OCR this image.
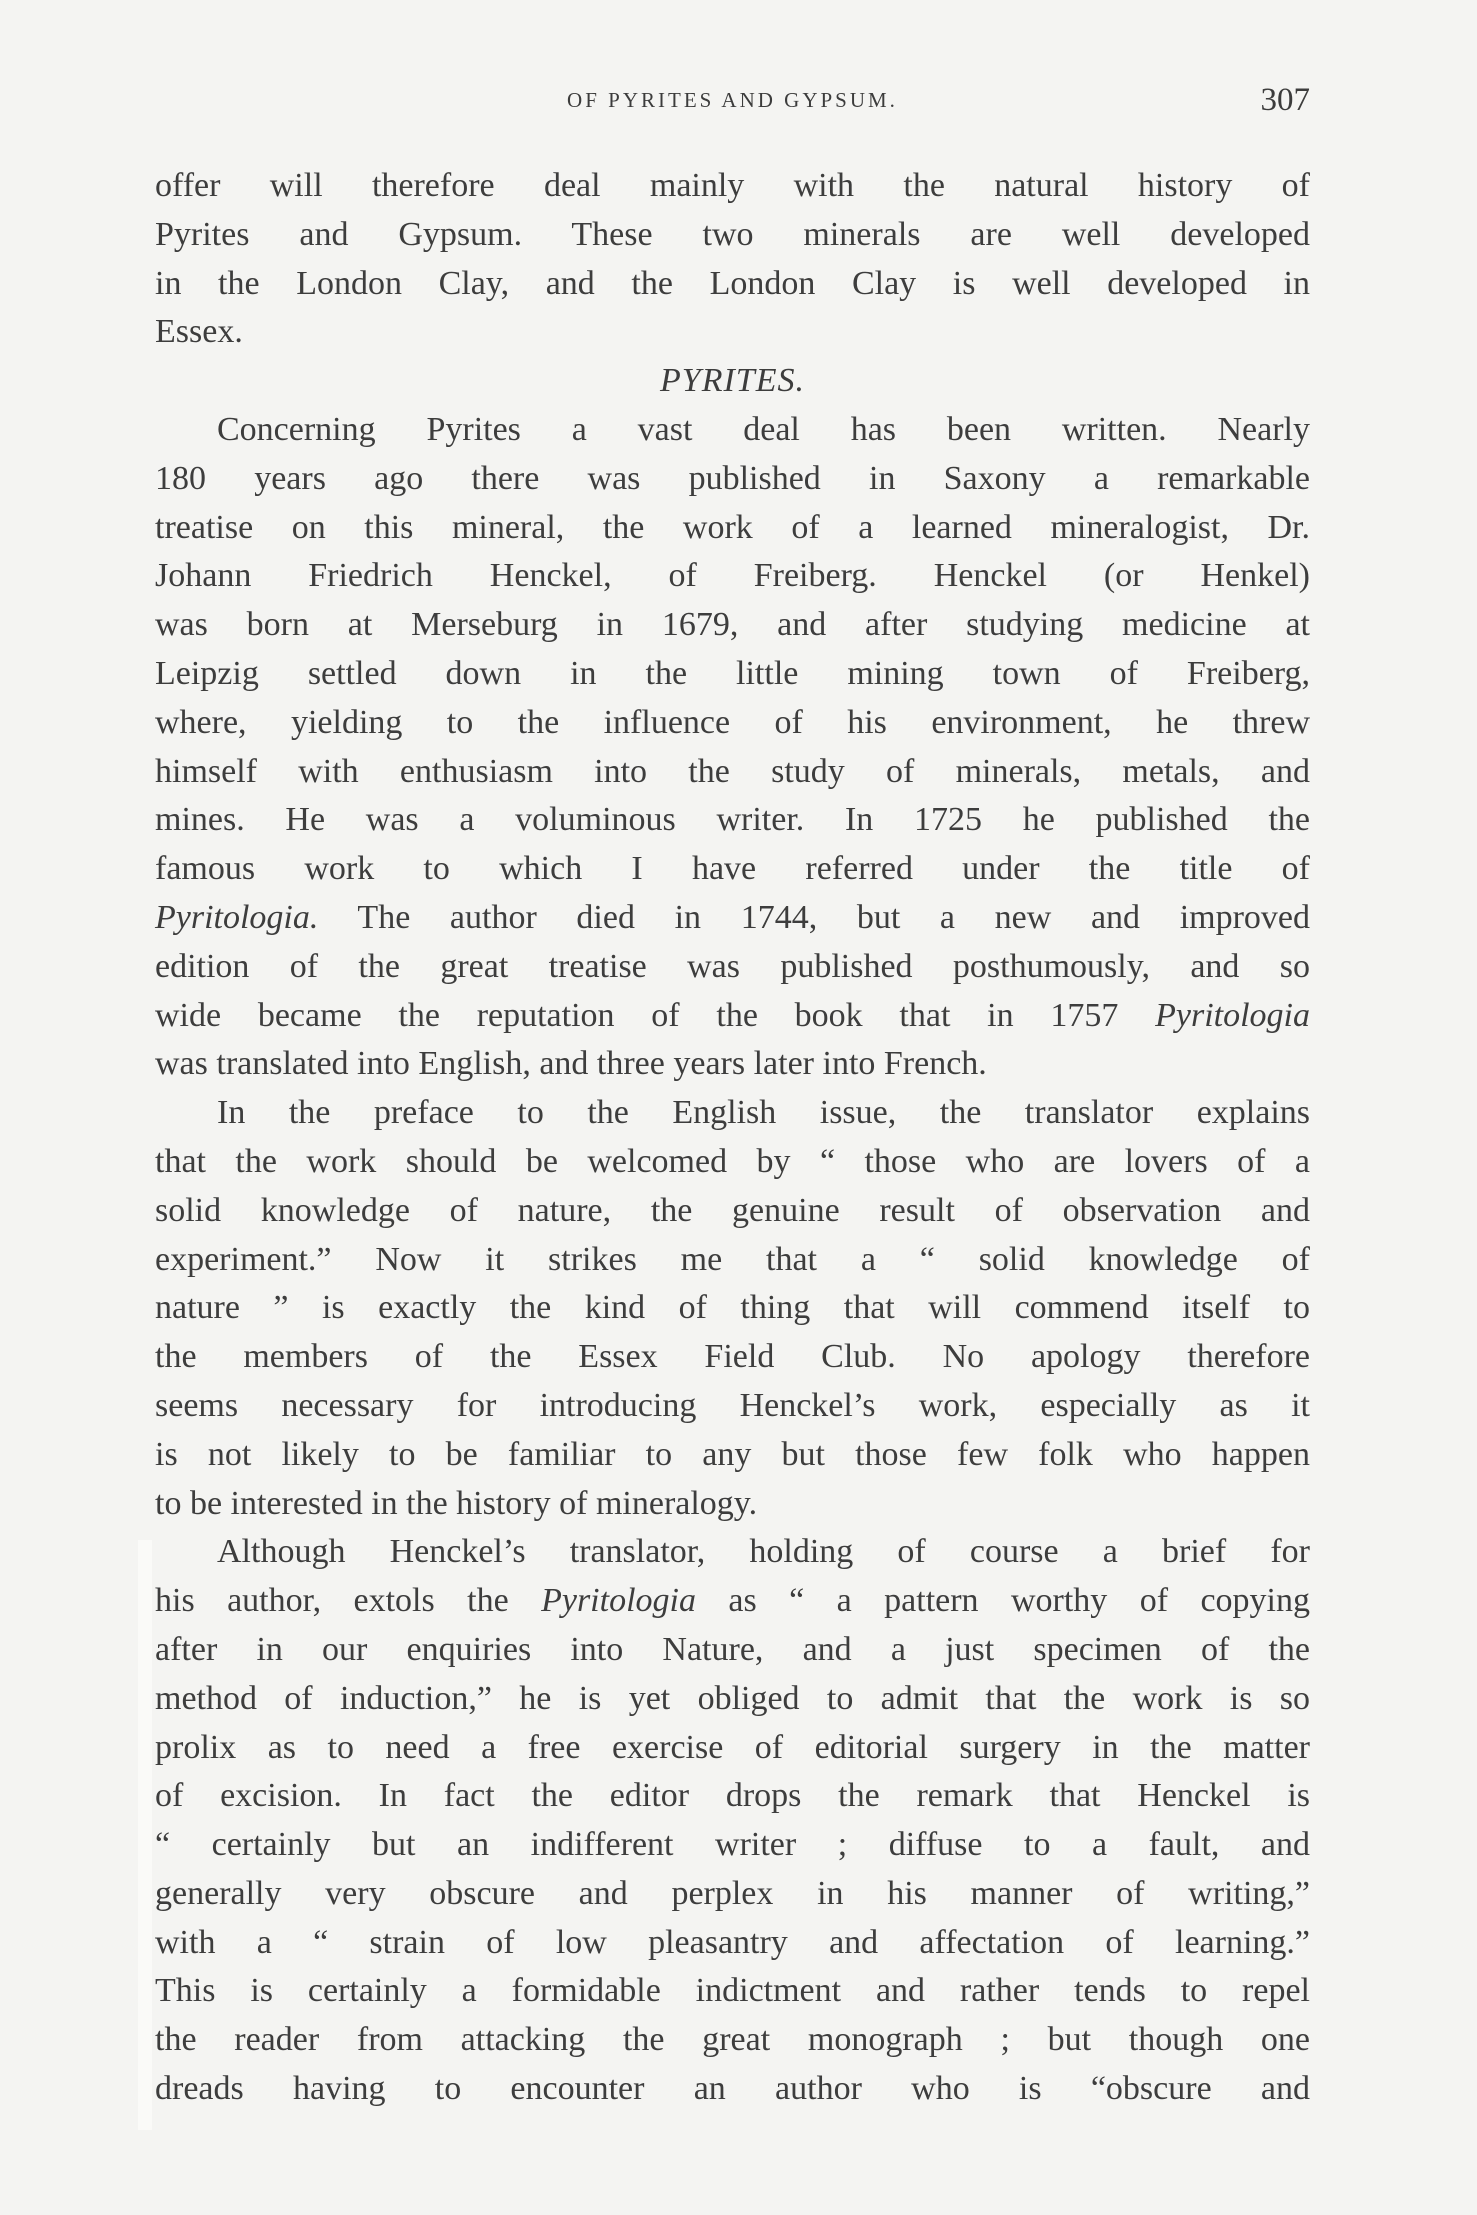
OF PYRITES AND GYPSUM.	307
offer will therefore deal mainly with the natural history of
Pyrites and Gypsum. These two minerals are well developed
in the London Clay, and the London Clay is well developed in
Essex.
PYRITES.
Concerning Pyrites a vast deal has been written. Nearly
180 years ago there was published in Saxony a remarkable
treatise on this mineral, the work of a learned mineralogist, Dr.
Johann Friedrich Henckel, of Freiberg. Henckel (or Henkel)
was born at Merseburg in 1679, and after studying medicine at
Leipzig settled down in the little mining town of Freiberg,
where, yielding to the influence of his environment, he threw
himself with enthusiasm into the study of minerals, metals, and
mines. He was a voluminous writer. In 1725 he published the
famous work to which I have referred under the title of
Pyritologia. The author died in 1744, but a new and improved
edition of the great treatise was published posthumously, and so
wide became the reputation of the book that in 1757 Pyritologia
was translated into English, and three years later into French.
In the preface to the English issue, the translator explains
that the work should be welcomed by “ those who are lovers of a
solid knowledge of nature, the genuine result of observation and
experiment.” Now it strikes me that a “ solid knowledge of
nature ” is exactly the kind of thing that will commend itself to
the members of the Essex Field Club. No apology therefore
seems necessary for introducing Henckel’s work, especially as it
is not likely to be familiar to any but those few folk who happen
to be interested in the history of mineralogy.
Although Henckel’s translator, holding of course a brief for
his author, extols the Pyritologia as “ a pattern worthy of copying
after in our enquiries into Nature, and a just specimen of the
method of induction,” he is yet obliged to admit that the work is so
prolix as to need a free exercise of editorial surgery in the matter
of excision. In fact the editor drops the remark that Henckel is
“ certainly but an indifferent writer ; diffuse to a fault, and
generally very obscure and perplex in his manner of writing,”
with a “ strain of low pleasantry and affectation of learning.”
This is certainly a formidable indictment and rather tends to repel
the reader from attacking the great monograph ; but though one
dreads having to encounter an author who is “obscure and
